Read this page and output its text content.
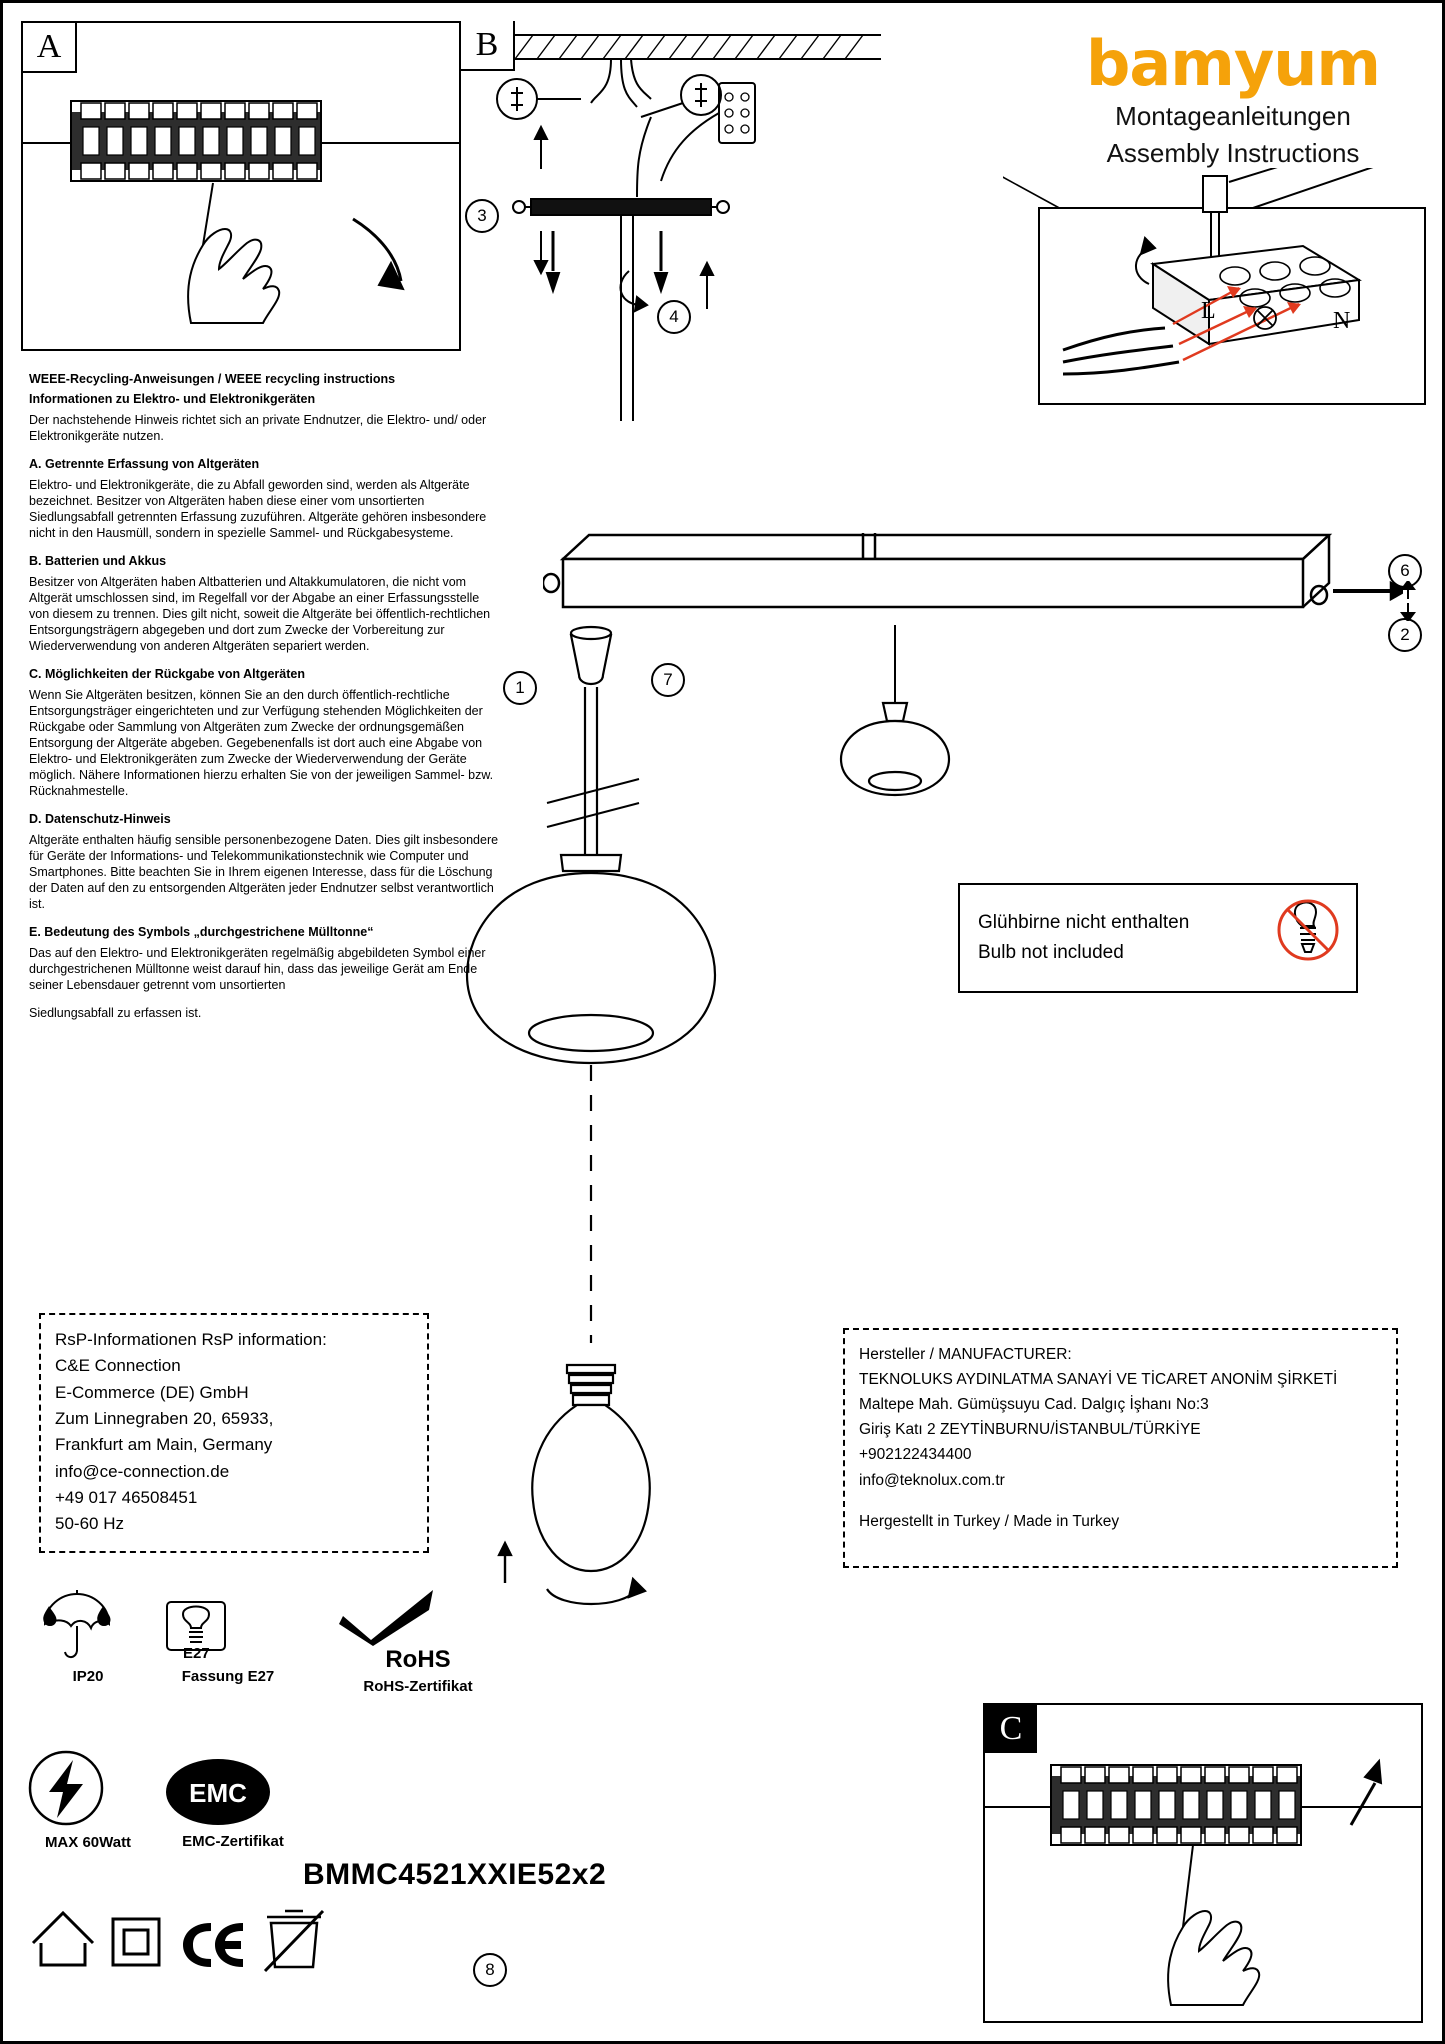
A	bamyum
Montageanleitungen
Assembly Instructions
B
3
4	L	N
6
2
1	7
8
WEEE-Recycling-Anweisungen / WEEE recycling instructions
Informationen zu Elektro- und Elektronikgeräten

Der nachstehende Hinweis richtet sich an private Endnutzer, die Elektro- und/ oder Elektronikgeräte nutzen.

A. Getrennte Erfassung von Altgeräten

Elektro- und Elektronikgeräte, die zu Abfall geworden sind, werden als Altgeräte bezeichnet. Besitzer von Altgeräten haben diese einer vom unsortierten Siedlungsabfall getrennten Erfassung zuzuführen. Altgeräte gehören insbesondere nicht in den Hausmüll, sondern in spezielle Sammel- und Rückgabesysteme.

B. Batterien und Akkus

Besitzer von Altgeräten haben Altbatterien und Altakkumulatoren, die nicht vom Altgerät umschlossen sind, im Regelfall vor der Abgabe an einer Erfassungsstelle von diesem zu trennen. Dies gilt nicht, soweit die Altgeräte bei öffentlich-rechtlichen Entsorgungsträgern abgegeben und dort zum Zwecke der Vorbereitung zur Wiederverwendung von anderen Altgeräten separiert werden.

C. Möglichkeiten der Rückgabe von Altgeräten

Wenn Sie Altgeräten besitzen, können Sie an den durch öffentlich-rechtliche Entsorgungsträger eingerichteten und zur Verfügung stehenden Möglichkeiten der Rückgabe oder Sammlung von Altgeräten zum Zwecke der ordnungsgemäßen Entsorgung der Altgeräte abgeben. Gegebenenfalls ist dort auch eine Abgabe von Elektro- und Elektronikgeräten zum Zwecke der Wiederverwendung der Geräte möglich. Nähere Informationen hierzu erhalten Sie von der jeweiligen Sammel- bzw. Rücknahmestelle.

D. Datenschutz-Hinweis

Altgeräte enthalten häufig sensible personenbezogene Daten. Dies gilt insbesondere für Geräte der Informations- und Telekommunikationstechnik wie Computer und Smartphones. Bitte beachten Sie in Ihrem eigenen Interesse, dass für die Löschung der Daten auf den zu entsorgenden Altgeräten jeder Endnutzer selbst verantwortlich ist.

E. Bedeutung des Symbols „durchgestrichene Mülltonne“

Das auf den Elektro- und Elektronikgeräten regelmäßig abgebildeten Symbol einer durchgestrichenen Mülltonne weist darauf hin, dass das jeweilige Gerät am Ende seiner Lebensdauer getrennt vom unsortierten

Siedlungsabfall zu erfassen ist.

Glühbirne nicht enthalten
Bulb not included
RsP-Informationen RsP information:
C&E Connection
E-Commerce (DE) GmbH
Zum Linnegraben 20, 65933,
Frankfurt am Main, Germany
info@ce-connection.de
+49 017 46508451
50-60 Hz
Hersteller / MANUFACTURER:
TEKNOLUKS AYDINLATMA SANAYİ VE TİCARET ANONİM ŞİRKETİ
Maltepe Mah. Gümüşsuyu Cad. Dalgıç İşhanı No:3
Giriş Katı 2 ZEYTİNBURNU/İSTANBUL/TÜRKİYE
+902122434400
info@teknolux.com.tr
Hergestellt in Turkey / Made in Turkey
IP20
E27
Fassung E27
RoHS
RoHS-Zertifikat
MAX 60Watt
EMC
EMC-Zertifikat
BMMC4521XXIE52x2
C
